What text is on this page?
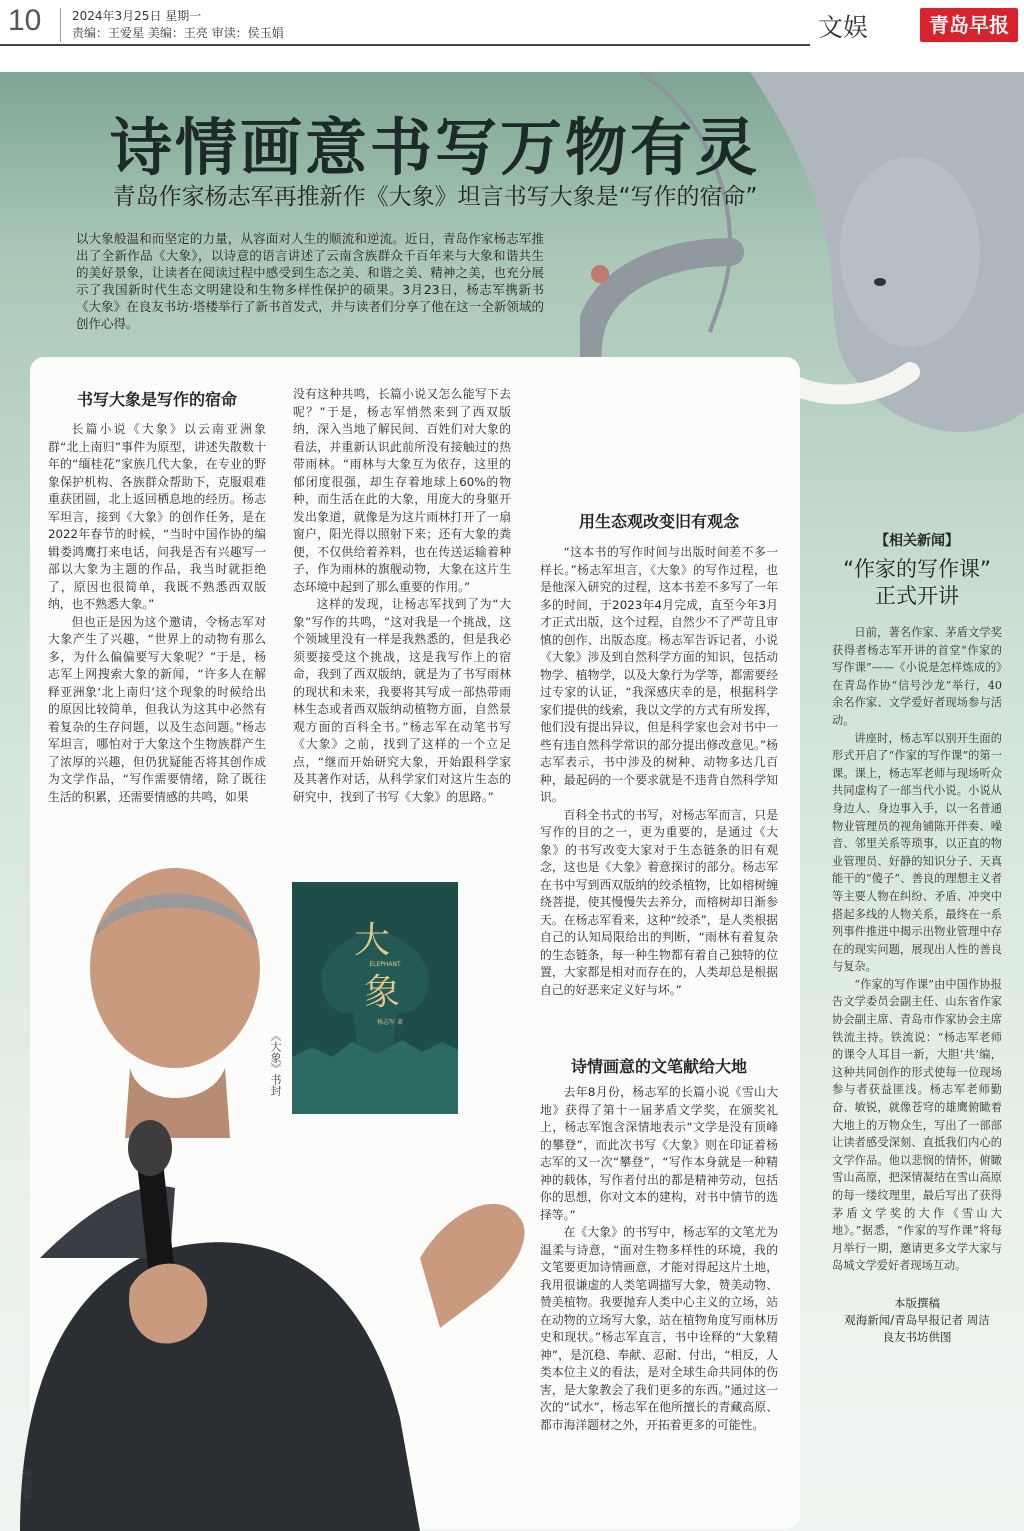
10	2024年3月25日 星期一
责编：王爱星 美编：王亮 审读：侯玉娟	文娱	青岛早报
诗情画意书写万物有灵
青岛作家杨志军再推新作《大象》坦言书写大象是“写作的宿命”
以大象般温和而坚定的力量，从容面对人生的顺流和逆流。近日，青岛作家杨志军推出了全新作品《大象》，以诗意的语言讲述了云南含族群众千百年来与大象和谐共生的美好景象，让读者在阅读过程中感受到生态之美、和谐之美、精神之美，也充分展示了我国新时代生态文明建设和生物多样性保护的硕果。3月23日，杨志军携新书《大象》在良友书坊·塔楼举行了新书首发式，并与读者们分享了他在这一全新领域的创作心得。
书写大象是写作的宿命

长篇小说《大象》以云南亚洲象群“北上南归”事件为原型，讲述失散数十年的“缅桂花”家族几代大象，在专业的野象保护机构、各族群众帮助下，克服艰难重获团圆，北上返回栖息地的经历。杨志军坦言，接到《大象》的创作任务，是在2022年春节的时候，“当时中国作协的编辑娄鸿鹰打来电话，问我是否有兴趣写一部以大象为主题的作品，我当时就拒绝了，原因也很简单，我既不熟悉西双版纳，也不熟悉大象。”

但也正是因为这个邀请，令杨志军对大象产生了兴趣，“世界上的动物有那么多，为什么偏偏要写大象呢？”于是，杨志军上网搜索大象的新闻，“许多人在解释亚洲象‘北上南归’这个现象的时候给出的原因比较简单，但我认为这其中必然有着复杂的生存问题，以及生态问题。”杨志军坦言，哪怕对于大象这个生物族群产生了浓厚的兴趣，但仍犹疑能否将其创作成为文学作品，“写作需要情绪，除了既往生活的积累，还需要情感的共鸣，如果

没有这种共鸣，长篇小说又怎么能写下去呢？”于是，杨志军悄然来到了西双版纳，深入当地了解民间、百姓们对大象的看法，并重新认识此前所没有接触过的热带雨林。“雨林与大象互为依存，这里的郁闭度很强，却生存着地球上60%的物种，而生活在此的大象，用庞大的身躯开发出象道，就像是为这片雨林打开了一扇窗户，阳光得以照射下来；还有大象的粪便，不仅供给着养料，也在传送运输着种子，作为雨林的旗舰动物，大象在这片生态环境中起到了那么重要的作用。”

这样的发现，让杨志军找到了为“大象”写作的共鸣，“这对我是一个挑战，这个领域里没有一样是我熟悉的，但是我必须要接受这个挑战，这是我写作上的宿命，我到了西双版纳，就是为了书写雨林的现状和未来，我要将其写成一部热带雨林生态或者西双版纳动植物方面，自然景观方面的百科全书。”杨志军在动笔书写《大象》之前，找到了这样的一个立足点，“继而开始研究大象，开始跟科学家及其著作对话，从科学家们对这片生态的研究中，找到了书写《大象》的思路。”

用生态观改变旧有观念

“这本书的写作时间与出版时间差不多一样长。”杨志军坦言，《大象》的写作过程，也是他深入研究的过程，这本书差不多写了一年多的时间，于2023年4月完成，直至今年3月才正式出版，这个过程，自然少不了严苛且审慎的创作、出版态度。杨志军告诉记者，小说《大象》涉及到自然科学方面的知识，包括动物学、植物学，以及大象行为学等，都需要经过专家的认证，“我深感庆幸的是，根据科学家们提供的线索，我以文学的方式有所发挥，他们没有提出异议，但是科学家也会对书中一些有违自然科学常识的部分提出修改意见。”杨志军表示，书中涉及的树种、动物多达几百种，最起码的一个要求就是不违背自然科学知识。

百科全书式的书写，对杨志军而言，只是写作的目的之一，更为重要的，是通过《大象》的书写改变大家对于生态链条的旧有观念，这也是《大象》着意探讨的部分。杨志军在书中写到西双版纳的绞杀植物，比如榕树缠绕菩提，使其慢慢失去养分，而榕树却日渐参天。在杨志军看来，这种“绞杀”，是人类根据自己的认知局限给出的判断，“雨林有着复杂的生态链条，每一种生物都有着自己独特的位置，大家都是相对而存在的，人类却总是根据自己的好恶来定义好与坏。”

诗情画意的文笔献给大地

去年8月份，杨志军的长篇小说《雪山大地》获得了第十一届茅盾文学奖，在颁奖礼上，杨志军饱含深情地表示“文学是没有顶峰的攀登”，而此次书写《大象》则在印证着杨志军的又一次“攀登”，“写作本身就是一种精神的载体，写作者付出的都是精神劳动，包括你的思想，你对文本的建构，对书中情节的选择等。”

在《大象》的书写中，杨志军的文笔尤为温柔与诗意，“面对生物多样性的环境，我的文笔要更加诗情画意，才能对得起这片土地，我用很谦虚的人类笔调描写大象，赞美动物、赞美植物。我要抛弃人类中心主义的立场，站在动物的立场写大象，站在植物角度写雨林历史和现状。”杨志军直言，书中诠释的“大象精神”，是沉稳、奉献、忍耐、付出，“相反，人类本位主义的看法，是对全球生命共同体的伤害，是大象教会了我们更多的东西。”通过这一次的“试水”，杨志军在他所擅长的青藏高原、都市海洋题材之外，开拓着更多的可能性。

大
象
ELEPHANT
杨志军 著
《大象》书封
杨志军
【相关新闻】
“作家的写作课”
正式开讲

日前，著名作家、茅盾文学奖获得者杨志军开讲的首堂“作家的写作课”——《小说是怎样炼成的》在青岛作协“信号沙龙”举行，40余名作家、文学爱好者现场参与活动。

讲座时，杨志军以别开生面的形式开启了“作家的写作课”的第一课。课上，杨志军老师与现场听众共同虚构了一部当代小说。小说从身边人、身边事入手，以一名普通物业管理员的视角铺陈开伴奏、噪音、邻里关系等琐事，以正直的物业管理员、好静的知识分子、天真能干的“傻子”、善良的理想主义者等主要人物在纠纷、矛盾、冲突中搭起多线的人物关系，最终在一系列事件推进中揭示出物业管理中存在的现实问题，展现出人性的善良与复杂。

“作家的写作课”由中国作协报告文学委员会副主任、山东省作家协会副主席、青岛市作家协会主席铁流主持。铁流说：“杨志军老师的课令人耳目一新，大胆‘共’编，这种共同创作的形式使每一位现场参与者获益匪浅。杨志军老师勤奋、敏锐，就像苍穹的雄鹰俯瞰着大地上的万物众生，写出了一部部让读者感受深刻、直抵我们内心的文学作品。他以悲悯的情怀，俯瞰雪山高原，把深情凝结在雪山高原的每一缕纹理里，最后写出了获得茅盾文学奖的大作《雪山大地》。”据悉，“作家的写作课”将每月举行一期，邀请更多文学大家与岛城文学爱好者现场互动。

本版撰稿
观海新闻/青岛早报记者 周洁
良友书坊供图
